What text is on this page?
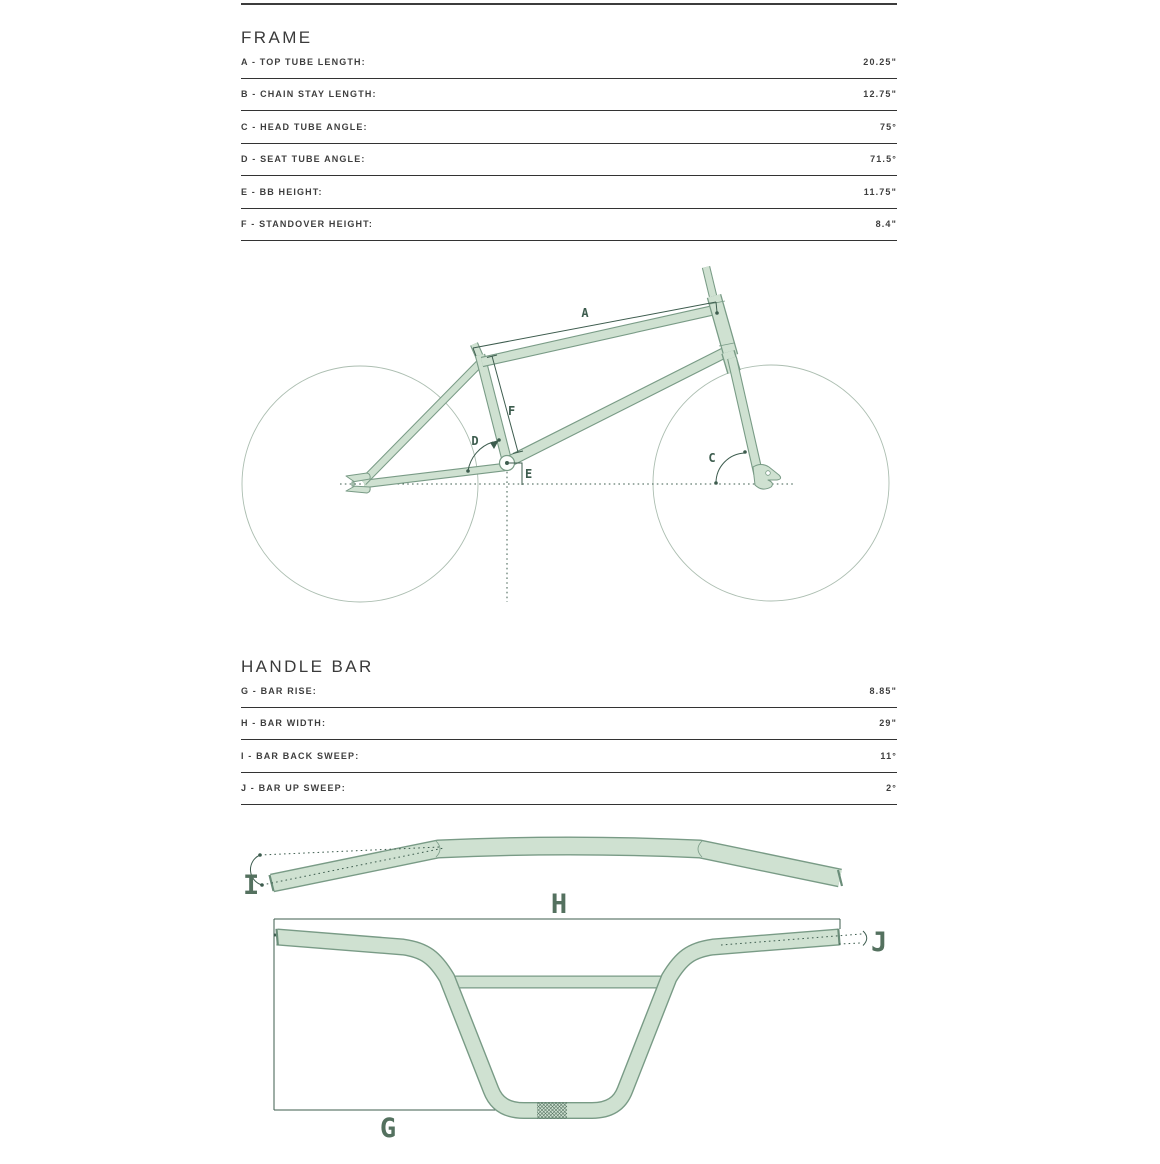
FRAME
A - TOP TUBE LENGTH:	20.25"
B - CHAIN STAY LENGTH:	12.75"
C - HEAD TUBE ANGLE:	75°
D - SEAT TUBE ANGLE:	71.5°
E - BB HEIGHT:	11.75"
F - STANDOVER HEIGHT:	8.4"
A
F
D
E
C
HANDLE BAR
G - BAR RISE:	8.85"
H - BAR WIDTH:	29"
I - BAR BACK SWEEP:	11°
J - BAR UP SWEEP:	2°
I
H
J
G
